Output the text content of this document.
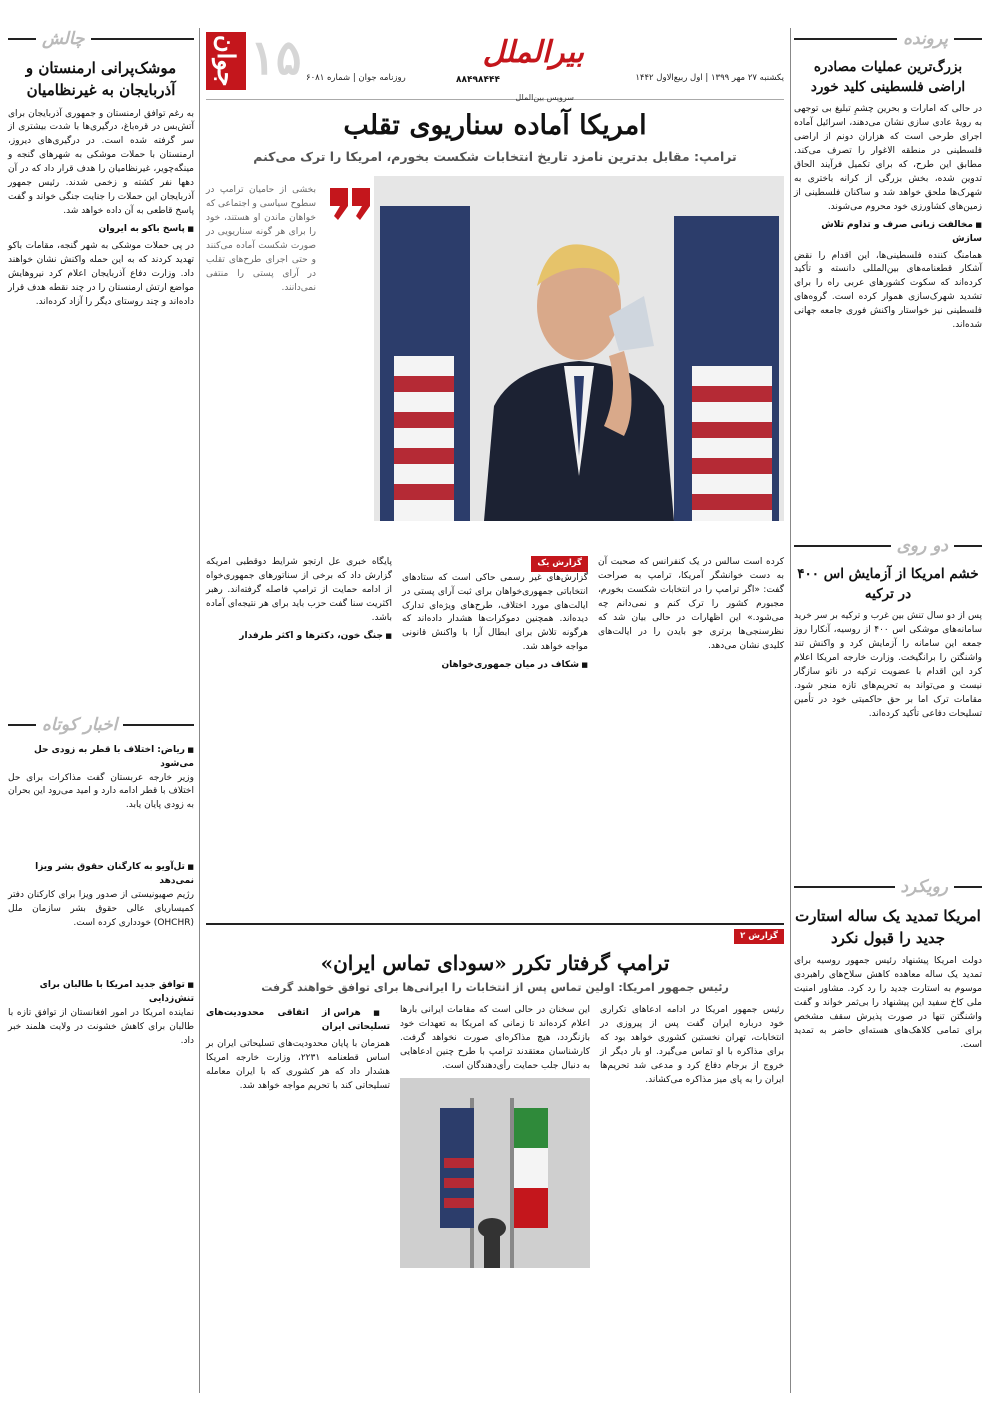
پرونده
بزرگ‌ترین عملیات مصادره اراضی فلسطینی کلید خورد

در حالی که امارات و بحرین چشمِ تبلیغ بی توجهی به رویۀ عادی سازی نشان می‌دهند، اسرائیل آماده اجرای طرحی است که هزاران دونم از اراضی فلسطینی در منطقه الاغوار را تصرف می‌کند. مطابق این طرح، که برای تکمیل فرآیند الحاق تدوین شده، بخش بزرگی از کرانه باختری به شهرک‌ها ملحق خواهد شد و ساکنان فلسطینی از زمین‌های کشاورزی خود محروم می‌شوند.

■ مخالفت زبانی صرف و تداوم تلاش سازش

همامنگ کننده فلسطینی‌ها، این اقدام را نقض آشکار قطعنامه‌های بین‌المللی دانسته و تأکید کرده‌اند که سکوت کشورهای عربی راه را برای تشدید شهرک‌سازی هموار کرده است. گروه‌های فلسطینی نیز خواستار واکنش فوری جامعه جهانی شده‌اند.

دو روی
خشم امریکا از آزمایش اس ۴۰۰ در ترکیه

پس از دو سال تنش بین غرب و ترکیه بر سر خرید سامانه‌های موشکی اس ۴۰۰ از روسیه، آنکارا روز جمعه این سامانه را آزمایش کرد و واکنش تند واشنگتن را برانگیخت. وزارت خارجه امریکا اعلام کرد این اقدام با عضویت ترکیه در ناتو سازگار نیست و می‌تواند به تحریم‌های تازه منجر شود. مقامات ترک اما بر حق حاکمیتی خود در تأمین تسلیحات دفاعی تأکید کرده‌اند.

رویکرد
امریکا تمدید یک ساله استارت جدید را قبول نکرد

دولت امریکا پیشنهاد رئیس جمهور روسیه برای تمدید یک ساله معاهده کاهش سلاح‌های راهبردی موسوم به استارت جدید را رد کرد. مشاور امنیت ملی کاخ سفید این پیشنهاد را بی‌ثمر خواند و گفت واشنگتن تنها در صورت پذیرش سقف مشخص برای تمامی کلاهک‌های هسته‌ای حاضر به تمدید است.

چالش
موشک‌پرانی ارمنستان و آذربایجان به غیرنظامیان

به رغم توافق ارمنستان و جمهوری آذربایجان برای آتش‌بس در قره‌باغ، درگیری‌ها با شدت بیشتری از سر گرفته شده است. در درگیری‌های دیروز، ارمنستان با حملات موشکی به شهرهای گنجه و مینگه‌چویر، غیرنظامیان را هدف قرار داد که در آن دهها نفر کشته و زخمی شدند. رئیس جمهور آذربایجان این حملات را جنایت جنگی خواند و گفت پاسخ قاطعی به آن داده خواهد شد.

■ پاسخ باکو به ایروان

در پی حملات موشکی به شهر گنجه، مقامات باکو تهدید کردند که به این حمله واکنش نشان خواهند داد. وزارت دفاع آذربایجان اعلام کرد نیروهایش مواضع ارتش ارمنستان را در چند نقطه هدف قرار داده‌اند و چند روستای دیگر را آزاد کرده‌اند.

اخبار کوتاه
■ ریاض: اختلاف با قطر به زودی حل می‌شود

وزیر خارجه عربستان گفت مذاکرات برای حل اختلاف با قطر ادامه دارد و امید می‌رود این بحران به زودی پایان یابد.

■ تل‌آویو به کارگنان حقوق بشر ویزا نمی‌دهد

رژیم صهیونیستی از صدور ویزا برای کارکنان دفتر کمیساریای عالی حقوق بشر سازمان ملل (OHCHR) خودداری کرده است.

■ توافق جدید امریکا با طالبان برای تنش‌زدایی

نماینده امریکا در امور افغانستان از توافق تازه با طالبان برای کاهش خشونت در ولایت هلمند خبر داد.

جوان ۱۵ روزنامه جوان | شماره ۶۰۸۱
بیرالملل
۸۸۴۹۸۴۴۴
سرویس بین‌الملل
یکشنبه ۲۷ مهر ۱۳۹۹ | اول ربیع‌الاول ۱۴۴۲
امریکا آماده سناریوی تقلب
ترامپ: مقابل بدترین نامزد تاریخ انتخابات شکست بخورم، امریکا را ترک می‌کنم
بخشی از حامیان ترامپ در سطوح سیاسی و اجتماعی که خواهان ماندن او هستند، خود را برای هر گونه سناریویی در صورت شکست آماده می‌کنند و حتی اجرای طرح‌های تقلب در آرای پستی را منتفی نمی‌دانند.

کرده است سالس در یک کنفرانس که صحبت آن به دست خوانشگر آمریکا، ترامپ به صراحت گفت: «اگر ترامپ را در انتخابات شکست بخورم، مجبورم کشور را ترک کنم و نمی‌دانم چه می‌شود.» این اظهارات در حالی بیان شد که نظرسنجی‌ها برتری جو بایدن را در ایالت‌های کلیدی نشان می‌دهد.

گزارش یک

گزارش‌های غیر رسمی حاکی است که ستادهای انتخاباتی جمهوری‌خواهان برای ثبت آرای پستی در ایالت‌های مورد اختلاف، طرح‌های ویژه‌ای تدارک دیده‌اند. همچنین دموکرات‌ها هشدار داده‌اند که هرگونه تلاش برای ابطال آرا با واکنش قانونی مواجه خواهد شد.

■ شکاف در میان جمهوری‌خواهان

پایگاه خبری عل ارتجو شرایط دوقطبی امریکه گزارش داد که برخی از سناتورهای جمهوری‌خواه از ادامه حمایت از ترامپ فاصله گرفته‌اند. رهبر اکثریت سنا گفت حزب باید برای هر نتیجه‌ای آماده باشد.

■ جنگ خون، دکترها و اکثر طرفدار
گزارش ۲
ترامپ گرفتار تکرر «سودای تماس ایران»
رئیس جمهور امریکا: اولین تماس پس از انتخابات را ایرانی‌ها برای توافق خواهند گرفت

رئیس جمهور امریکا در ادامه ادعاهای تکراری خود درباره ایران گفت پس از پیروزی در انتخابات، تهران نخستین کشوری خواهد بود که برای مذاکره با او تماس می‌گیرد. او بار دیگر از خروج از برجام دفاع کرد و مدعی شد تحریم‌ها ایران را به پای میز مذاکره می‌کشاند.

این سخنان در حالی است که مقامات ایرانی بارها اعلام کرده‌اند تا زمانی که امریکا به تعهدات خود بازنگردد، هیچ مذاکره‌ای صورت نخواهد گرفت. کارشناسان معتقدند ترامپ با طرح چنین ادعاهایی به دنبال جلب حمایت رأی‌دهندگان است.

■ هراس از اتفاقی محدودیت‌های تسلیحاتی ایران

همزمان با پایان محدودیت‌های تسلیحاتی ایران بر اساس قطعنامه ۲۲۳۱، وزارت خارجه امریکا هشدار داد که هر کشوری که با ایران معامله تسلیحاتی کند با تحریم مواجه خواهد شد.
